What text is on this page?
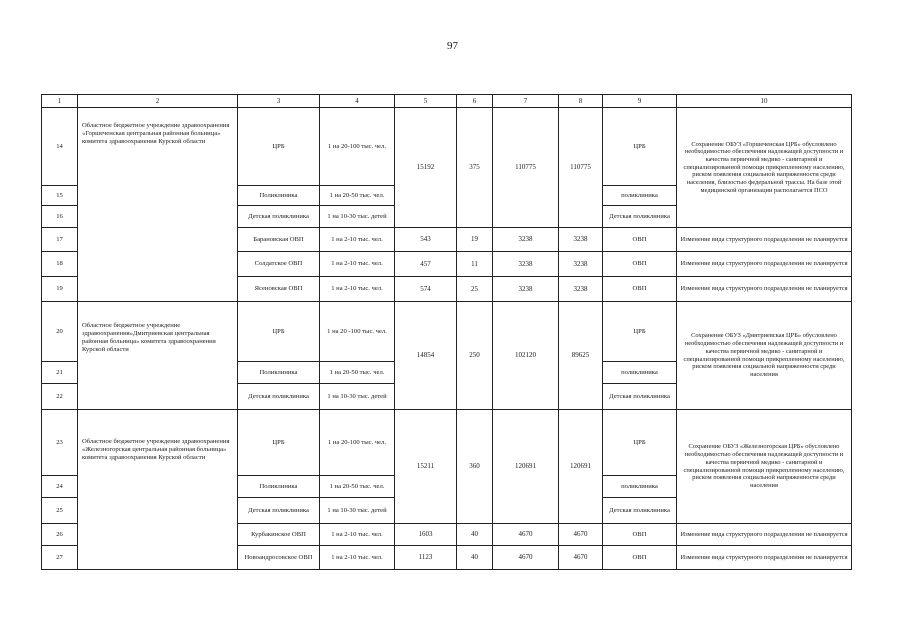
97
1	2	3	4	5	6	7	8	9	10
14	Областное бюджетное учреждение здравоохранения «Горшеченская центральная районная больница» комитета здравоохранения Курской области	ЦРБ	1 на 20-100 тыс. чел.	15192	375	110775	110775	ЦРБ	Сохранение ОБУЗ «Горшеченская ЦРБ» обусловлено необходимостью обеспечения надлежащей доступности и качества первичной медико - санитарной и специализированной помощи прикрепленному населению, риском появления социальной напряженности среди населения, близостью федеральной трассы. На базе этой медицинской организации располагается ПСО
15		Поликлиника	1 на 20-50 тыс. чел.					поликлиника	
16		Детская поликлиника	1 на 10-30 тыс. детей					Детская поликлиника	
17		Барановская ОВП	1 на 2-10 тыс. чел.	543	19	3238	3238	ОВП	Изменение вида структурного подразделения не планируется
18		Солдатское ОВП	1 на 2-10 тыс. чел.	457	11	3238	3238	ОВП	Изменение вида структурного подразделения не планируется
19		Ясеновская ОВП	1 на 2-10 тыс. чел.	574	25	3238	3238	ОВП	Изменение вида структурного подразделения не планируется
20	Областное бюджетное учреждение здравоохранения»Дмитриевская центральная районная больница» комитета здравоохранения Курской области	ЦРБ	1 на 20 -100 тыс. чел.	14854	250	102120	89625	ЦРБ	Сохранение ОБУЗ «Дмитриевская ЦРБ» обусловлено необходимостью обеспечения надлежащей доступности и качества первичной медико - санитарной и специализированной помощи прикрепленному населению, риском появления социальной напряженности среди населения
21		Поликлиника	1 на 20-50 тыс. чел.					поликлиника	
22		Детская поликлиника	1 на 10-30 тыс. детей					Детская поликлиника	
23	Областное бюджетное учреждение здравоохранения «Железногорская центральная районная больница» комитета здравоохранения Курской области	ЦРБ	1 на 20-100 тыс. чел.	15211	360	120691	120691	ЦРБ	Сохранение ОБУЗ «Железногорская ЦРБ» обусловлено необходимостью обеспечения надлежащей доступности и качества первичной медико - санитарной и специализированной помощи прикрепленному населению, риском появления социальной напряженности среди населения
24		Поликлиника	1 на 20-50 тыс. чел.					поликлиника	
25		Детская поликлиника	1 на 10-30 тыс. детей					Детская поликлиника	
26		Курбакинское ОВП	1 на 2-10 тыс. чел.	1603	40	4670	4670	ОВП	Изменение вида структурного подразделения не планируется
27		Новоандросовское ОВП	1 на 2-10 тыс. чел.	1123	40	4670	4670	ОВП	Изменение вида структурного подразделения не планируется
